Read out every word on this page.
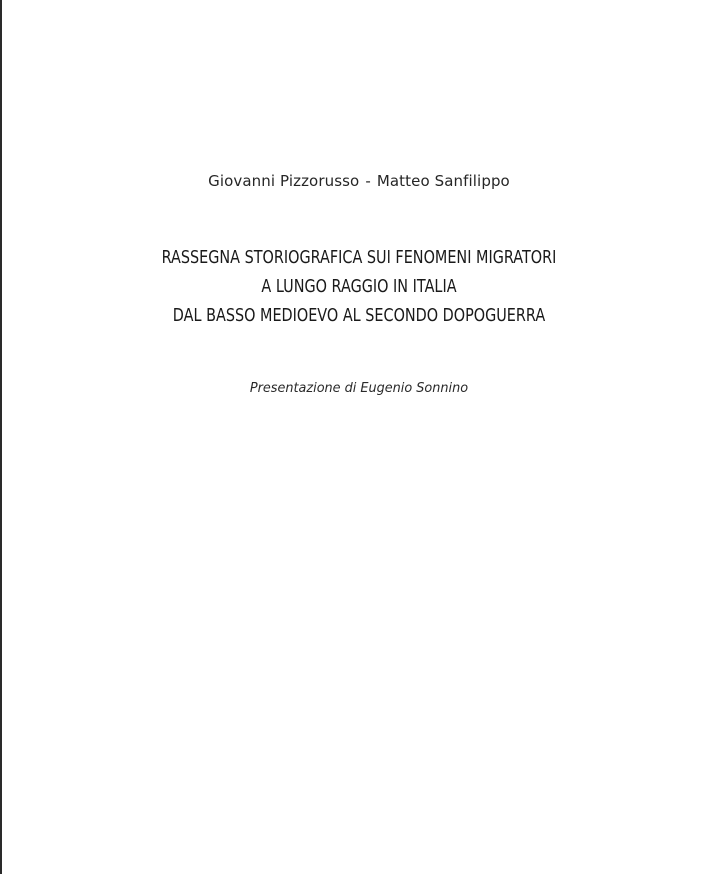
Giovanni Pizzorusso - Matteo Sanfilippo
RASSEGNA STORIOGRAFICA SUI FENOMENI MIGRATORI
A LUNGO RAGGIO IN ITALIA
DAL BASSO MEDIOEVO AL SECONDO DOPOGUERRA
Presentazione di Eugenio Sonnino
